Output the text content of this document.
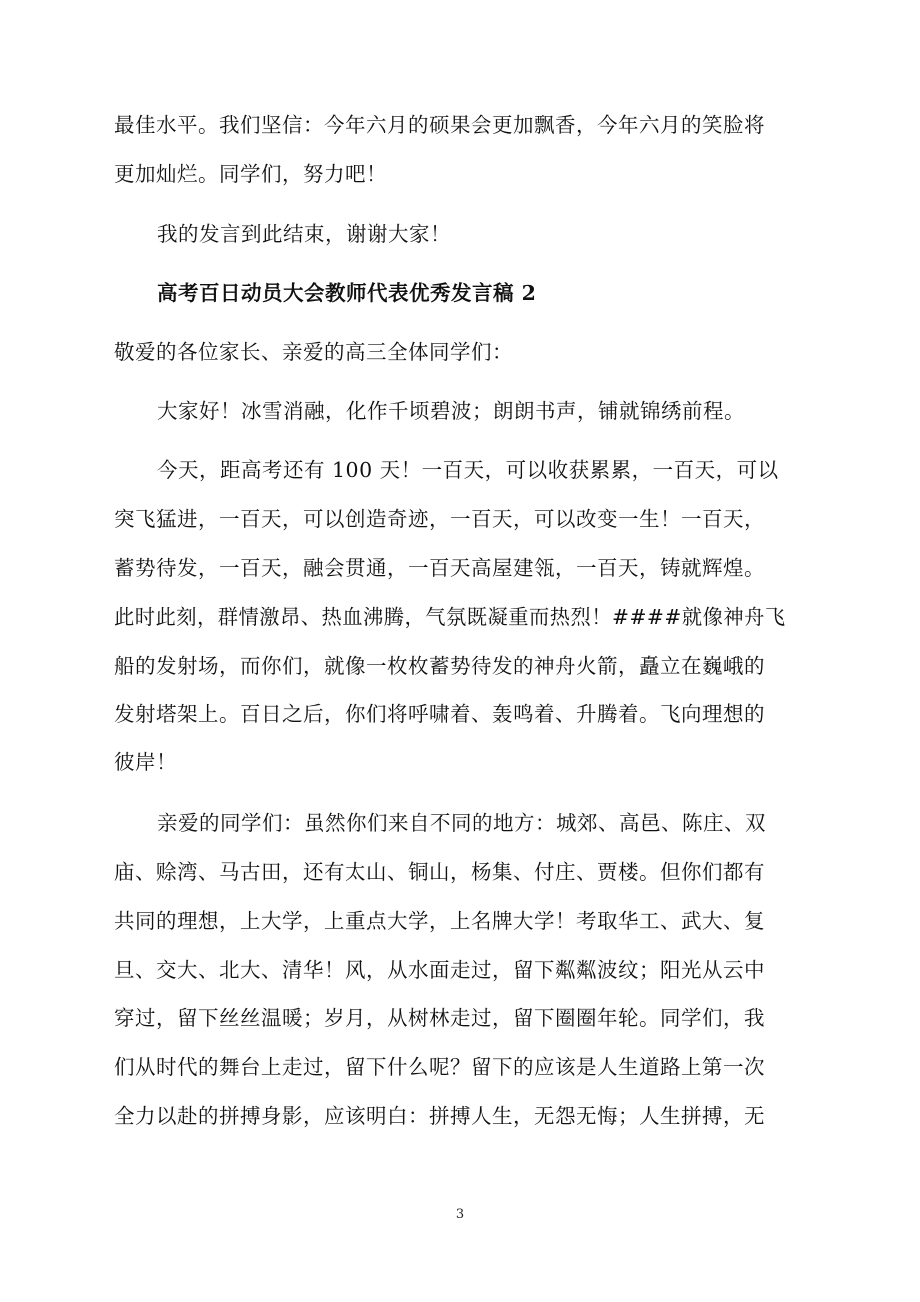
最佳水平。我们坚信：今年六月的硕果会更加飘香，今年六月的笑脸将
更加灿烂。同学们，努力吧！
我的发言到此结束，谢谢大家！
高考百日动员大会教师代表优秀发言稿 2
敬爱的各位家长、亲爱的高三全体同学们：
大家好！冰雪消融，化作千顷碧波；朗朗书声，铺就锦绣前程。
今天，距高考还有 100 天！一百天，可以收获累累，一百天，可以
突飞猛进，一百天，可以创造奇迹，一百天，可以改变一生！一百天，
蓄势待发，一百天，融会贯通，一百天高屋建瓴，一百天，铸就辉煌。
此时此刻，群情激昂、热血沸腾，气氛既凝重而热烈！####就像神舟飞
船的发射场，而你们，就像一枚枚蓄势待发的神舟火箭，矗立在巍峨的
发射塔架上。百日之后，你们将呼啸着、轰鸣着、升腾着。飞向理想的
彼岸！
亲爱的同学们：虽然你们来自不同的地方：城郊、高邑、陈庄、双
庙、赊湾、马古田，还有太山、铜山，杨集、付庄、贾楼。但你们都有
共同的理想，上大学，上重点大学，上名牌大学！考取华工、武大、复
旦、交大、北大、清华！风，从水面走过，留下粼粼波纹；阳光从云中
穿过，留下丝丝温暖；岁月，从树林走过，留下圈圈年轮。同学们，我
们从时代的舞台上走过，留下什么呢？留下的应该是人生道路上第一次
全力以赴的拼搏身影，应该明白：拼搏人生，无怨无悔；人生拼搏，无
3
